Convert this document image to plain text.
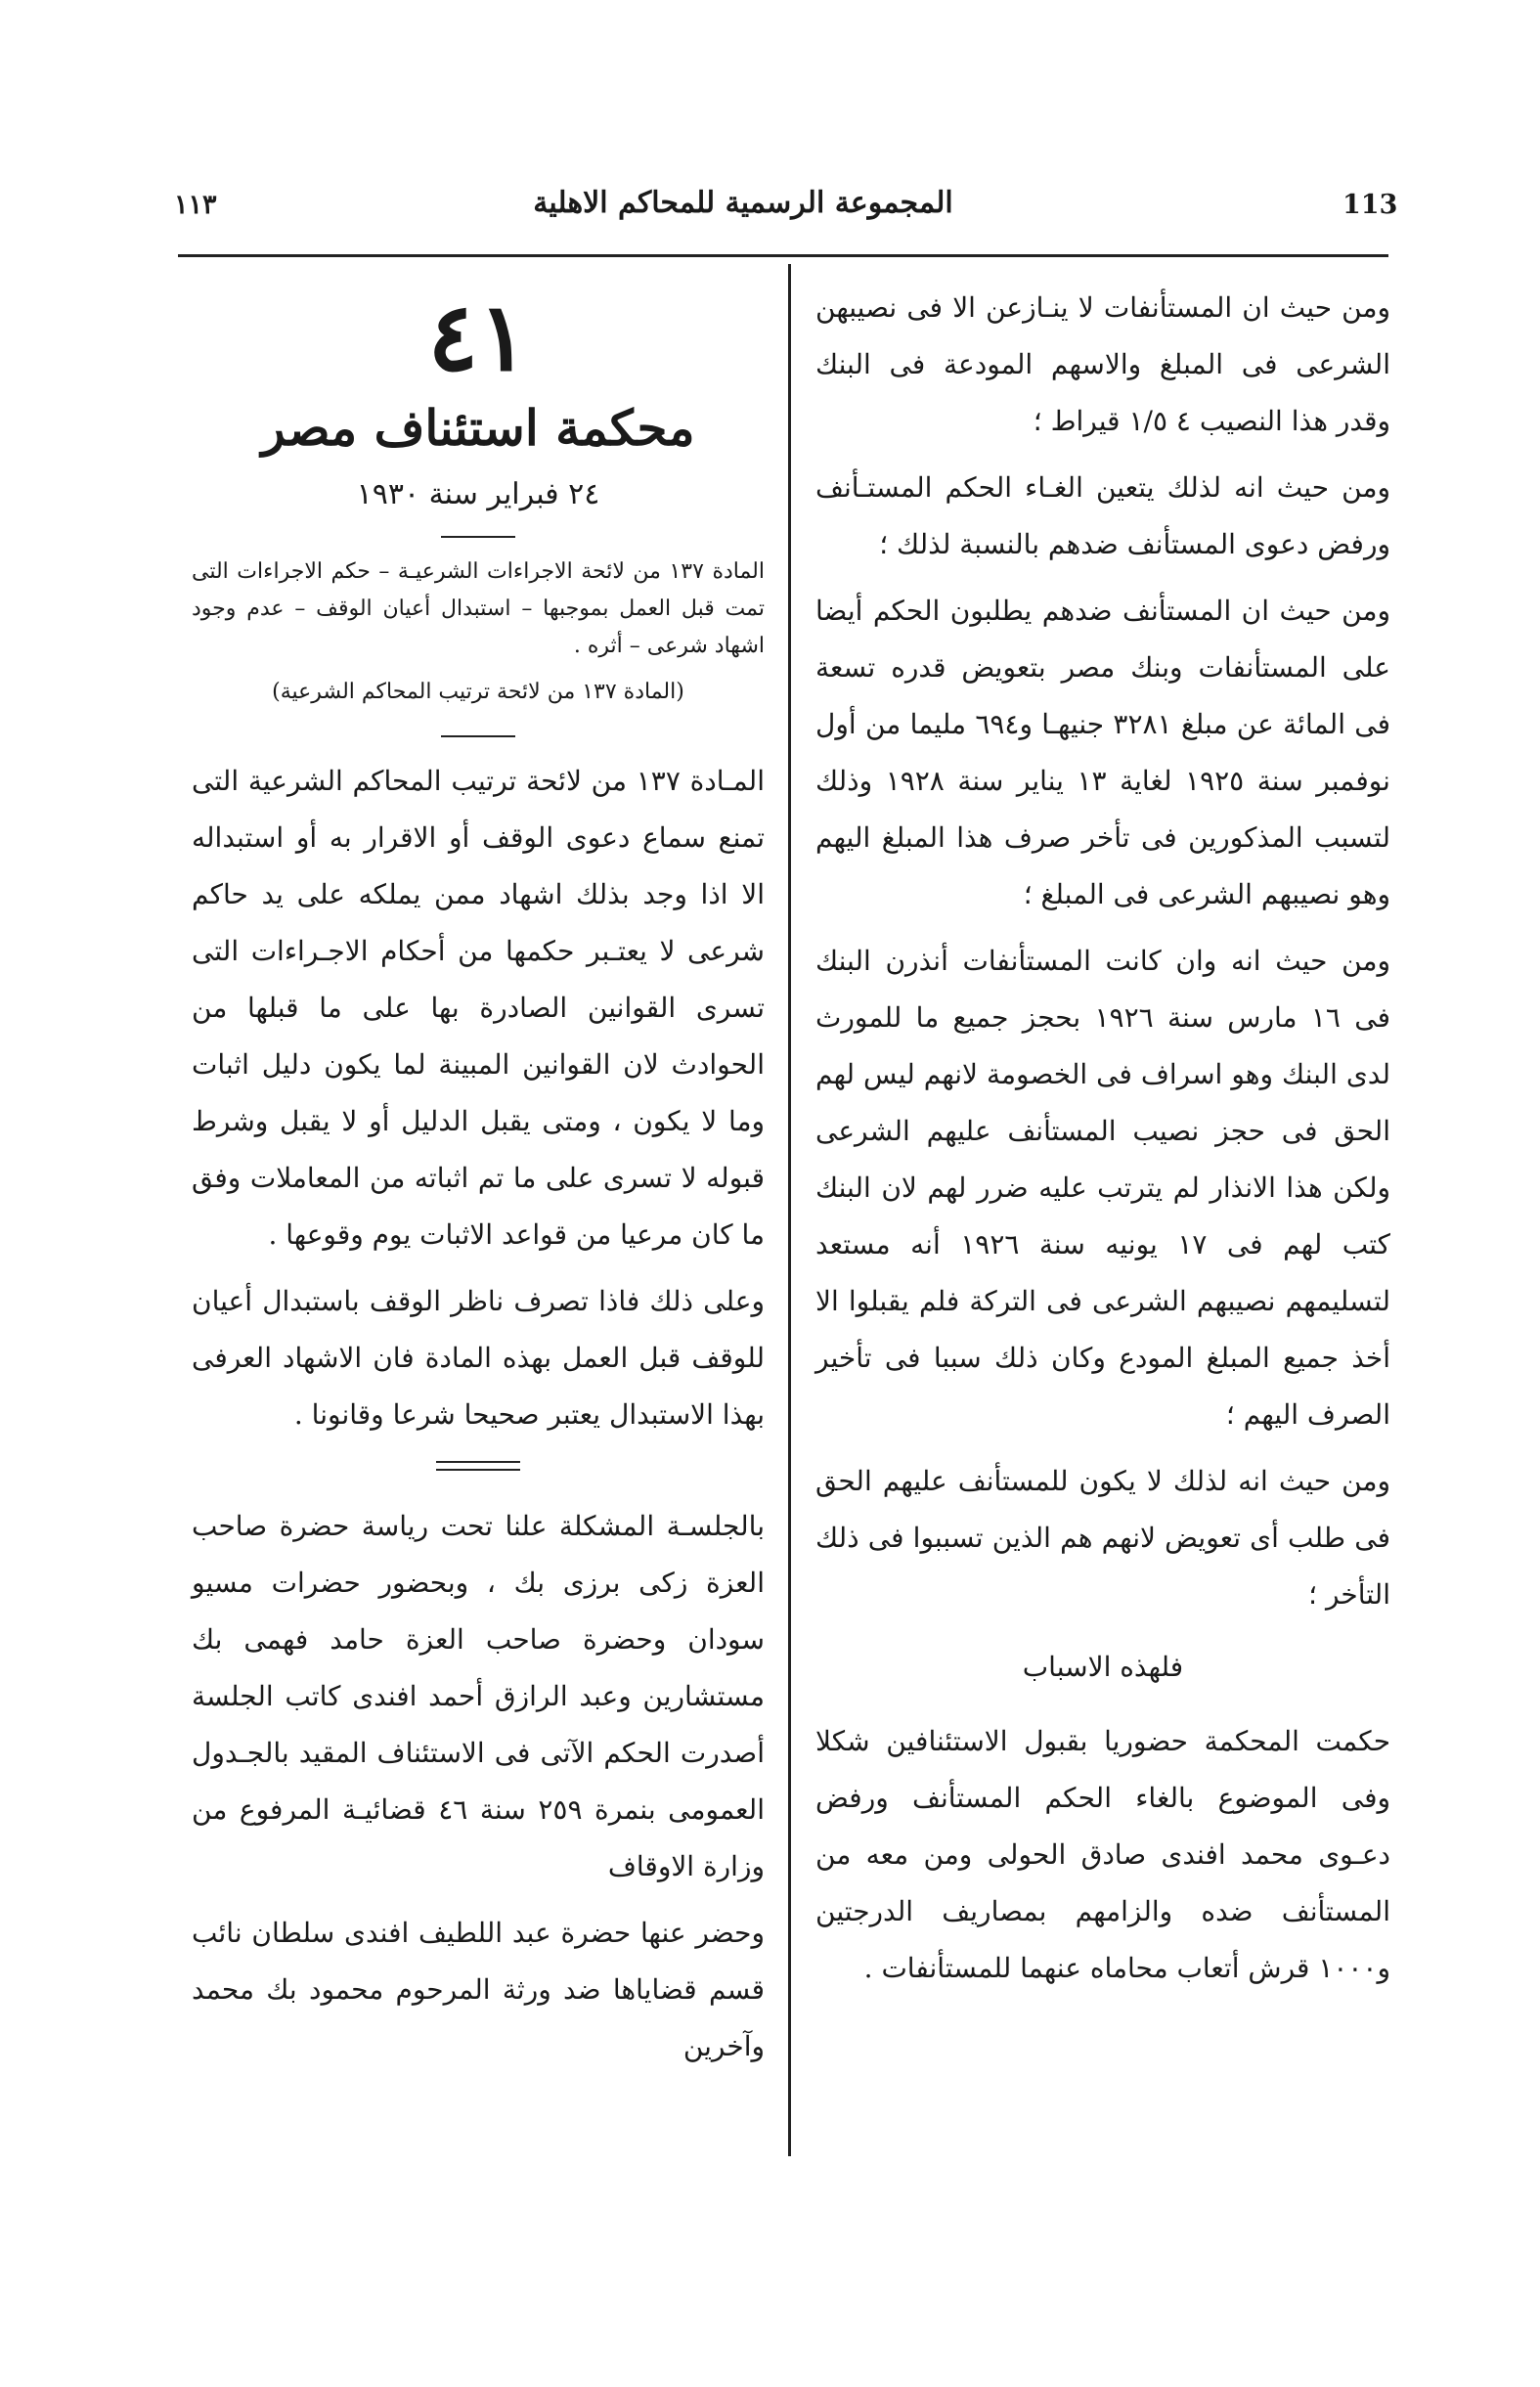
١١٣	المجموعة الرسمية للمحاكم الاهلية	113

ومن حيث ان المستأنفات لا ينـازعن الا فى نصيبهن الشرعى فى المبلغ والاسهم المودعة فى البنك وقدر هذا النصيب ٤ ١/٥ قيراط ؛

ومن حيث انه لذلك يتعين الغـاء الحكم المستـأنف ورفض دعوى المستأنف ضدهم بالنسبة لذلك ؛

ومن حيث ان المستأنف ضدهم يطلبون الحكم أيضا على المستأنفات وبنك مصر بتعويض قدره تسعة فى المائة عن مبلغ ٣٢٨١ جنيهـا و٦٩٤ مليما من أول نوفمبر سنة ١٩٢٥ لغاية ١٣ يناير سنة ١٩٢٨ وذلك لتسبب المذكورين فى تأخر صرف هذا المبلغ اليهم وهو نصيبهم الشرعى فى المبلغ ؛

ومن حيث انه وان كانت المستأنفات أنذرن البنك فى ١٦ مارس سنة ١٩٢٦ بحجز جميع ما للمورث لدى البنك وهو اسراف فى الخصومة لانهم ليس لهم الحق فى حجز نصيب المستأنف عليهم الشرعى ولكن هذا الانذار لم يترتب عليه ضرر لهم لان البنك كتب لهم فى ١٧ يونيه سنة ١٩٢٦ أنه مستعد لتسليمهم نصيبهم الشرعى فى التركة فلم يقبلوا الا أخذ جميع المبلغ المودع وكان ذلك سببا فى تأخير الصرف اليهم ؛

ومن حيث انه لذلك لا يكون للمستأنف عليهم الحق فى طلب أى تعويض لانهم هم الذين تسببوا فى ذلك التأخر ؛

فلهذه الاسباب

حكمت المحكمة حضوريا بقبول الاستئنافين شكلا وفى الموضوع بالغاء الحكم المستأنف ورفض دعـوى محمد افندى صادق الحولى ومن معه من المستأنف ضده والزامهم بمصاريف الدرجتين و١٠٠٠ قرش أتعاب محاماه عنهما للمستأنفات .

٤١
محكمة استئناف مصر
٢٤ فبراير سنة ١٩٣٠

المادة ١٣٧ من لائحة الاجراءات الشرعيـة – حكم الاجراءات التى تمت قبل العمل بموجبها – استبدال أعيان الوقف – عدم وجود اشهاد شرعى – أثره .

(المادة ١٣٧ من لائحة ترتيب المحاكم الشرعية)

المـادة ١٣٧ من لائحة ترتيب المحاكم الشرعية التى تمنع سماع دعوى الوقف أو الاقرار به أو استبداله الا اذا وجد بذلك اشهاد ممن يملكه على يد حاكم شرعى لا يعتـبر حكمها من أحكام الاجـراءات التى تسرى القوانين الصادرة بها على ما قبلها من الحوادث لان القوانين المبينة لما يكون دليل اثبات وما لا يكون ، ومتى يقبل الدليل أو لا يقبل وشرط قبوله لا تسرى على ما تم اثباته من المعاملات وفق ما كان مرعيا من قواعد الاثبات يوم وقوعها .

وعلى ذلك فاذا تصرف ناظر الوقف باستبدال أعيان للوقف قبل العمل بهذه المادة فان الاشهاد العرفى بهذا الاستبدال يعتبر صحيحا شرعا وقانونا .

بالجلسـة المشكلة علنا تحت رياسة حضرة صاحب العزة زكى برزى بك ، وبحضور حضرات مسيو سودان وحضرة صاحب العزة حامد فهمى بك مستشارين وعبد الرازق أحمد افندى كاتب الجلسة أصدرت الحكم الآتى فى الاستئناف المقيد بالجـدول العمومى بنمرة ٢٥٩ سنة ٤٦ قضائيـة المرفوع من وزارة الاوقاف

وحضر عنها حضرة عبد اللطيف افندى سلطان نائب قسم قضاياها ضد ورثة المرحوم محمود بك محمد وآخرين
